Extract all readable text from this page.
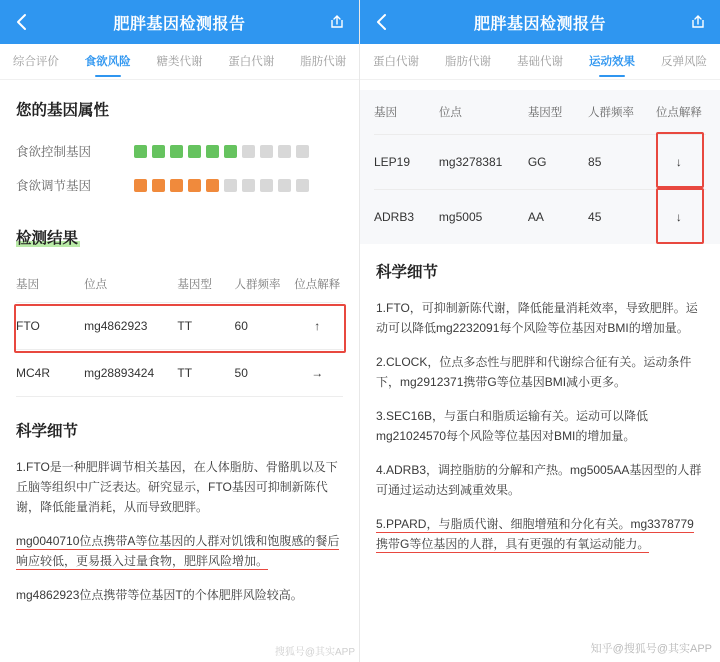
肥胖基因检测报告
综合评价	食欲风险	糖类代谢	蛋白代谢	脂肪代谢
您的基因属性
食欲控制基因
食欲调节基因
检测结果
基因	位点	基因型	人群频率	位点解释
FTO	mg4862923	TT	60	↑
MC4R	mg28893424	TT	50	→
科学细节
1.FTO是一种肥胖调节相关基因，在人体脂肪、骨骼肌以及下丘脑等组织中广泛表达。研究显示，FTO基因可抑制新陈代谢，降低能量消耗，从而导致肥胖。
mg0040710位点携带A等位基因的人群对饥饿和饱腹感的餐后响应较低，更易摄入过量食物，肥胖风险增加。
mg4862923位点携带等位基因T的个体肥胖风险较高。
搜狐号@其实APP
肥胖基因检测报告
蛋白代谢	脂肪代谢	基础代谢	运动效果	反弹风险
基因	位点	基因型	人群频率	位点解释
LEP19	mg3278381	GG	85	↓
ADRB3	mg5005	AA	45	↓
科学细节
1.FTO，可抑制新陈代谢，降低能量消耗效率，导致肥胖。运动可以降低mg2232091每个风险等位基因对BMI的增加量。
2.CLOCK，位点多态性与肥胖和代谢综合征有关。运动条件下，mg2912371携带G等位基因BMI减小更多。
3.SEC16B，与蛋白和脂质运输有关。运动可以降低mg21024570每个风险等位基因对BMI的增加量。
4.ADRB3，调控脂肪的分解和产热。mg5005AA基因型的人群可通过运动达到减重效果。
5.PPARD，与脂质代谢、细胞增殖和分化有关。mg3378779携带G等位基因的人群，具有更强的有氧运动能力。
知乎@搜狐号@其实APP
